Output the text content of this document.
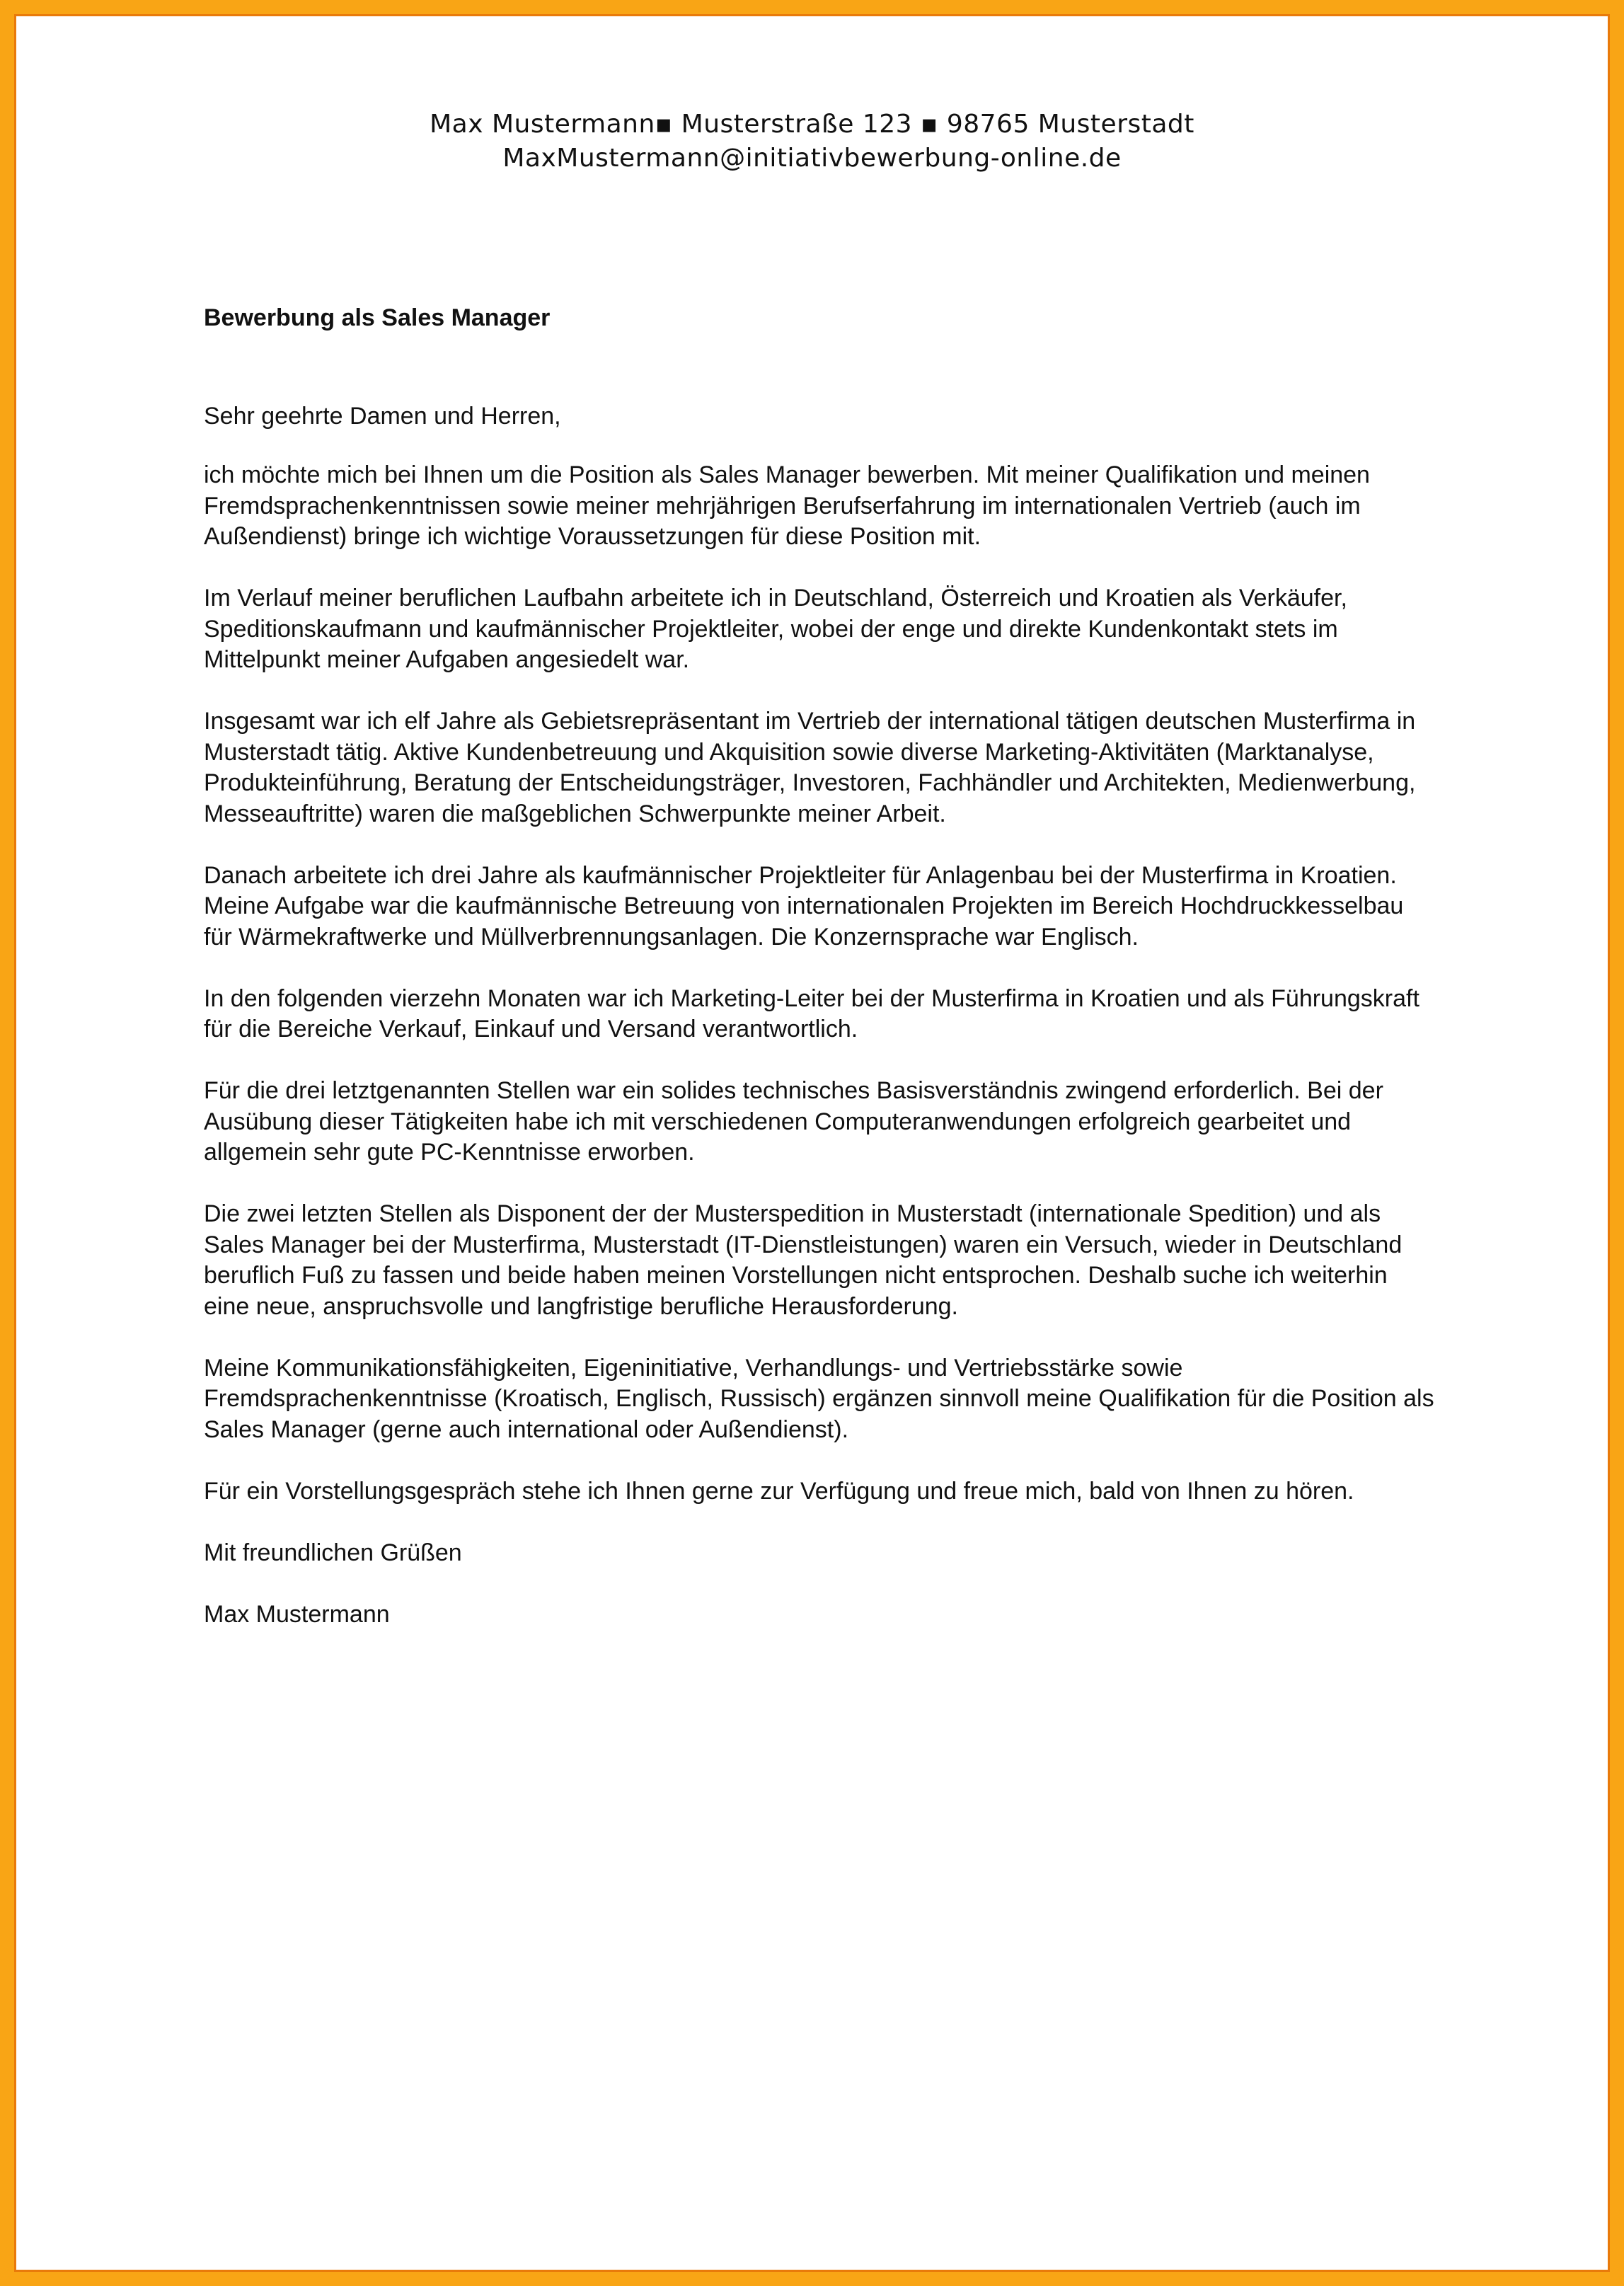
Max Mustermann▪ Musterstraße 123 ▪ 98765 Musterstadt
MaxMustermann@initiativbewerbung-online.de

Bewerbung als Sales Manager

Sehr geehrte Damen und Herren,

ich möchte mich bei Ihnen um die Position als Sales Manager bewerben. Mit meiner Qualifikation und meinen Fremdsprachenkenntnissen sowie meiner mehrjährigen Berufserfahrung im internationalen Vertrieb (auch im Außendienst) bringe ich wichtige Voraussetzungen für diese Position mit.

Im Verlauf meiner beruflichen Laufbahn arbeitete ich in Deutschland, Österreich und Kroatien als Verkäufer, Speditionskaufmann und kaufmännischer Projektleiter, wobei der enge und direkte Kundenkontakt stets im Mittelpunkt meiner Aufgaben angesiedelt war.

Insgesamt war ich elf Jahre als Gebietsrepräsentant im Vertrieb der international tätigen deutschen Musterfirma in Musterstadt tätig. Aktive Kundenbetreuung und Akquisition sowie diverse Marketing-Aktivitäten (Marktanalyse, Produkteinführung, Beratung der Entscheidungsträger, Investoren, Fachhändler und Architekten, Medienwerbung, Messeauftritte) waren die maßgeblichen Schwerpunkte meiner Arbeit.

Danach arbeitete ich drei Jahre als kaufmännischer Projektleiter für Anlagenbau bei der Musterfirma in Kroatien. Meine Aufgabe war die kaufmännische Betreuung von internationalen Projekten im Bereich Hochdruckkesselbau für Wärmekraftwerke und Müllverbrennungsanlagen. Die Konzernsprache war Englisch.

In den folgenden vierzehn Monaten war ich Marketing-Leiter bei der Musterfirma in Kroatien und als Führungskraft für die Bereiche Verkauf, Einkauf und Versand verantwortlich.

Für die drei letztgenannten Stellen war ein solides technisches Basisverständnis zwingend erforderlich. Bei der Ausübung dieser Tätigkeiten habe ich mit verschiedenen Computeranwendungen erfolgreich gearbeitet und allgemein sehr gute PC-Kenntnisse erworben.

Die zwei letzten Stellen als Disponent der der Musterspedition in Musterstadt (internationale Spedition) und als Sales Manager bei der Musterfirma, Musterstadt (IT-Dienstleistungen) waren ein Versuch, wieder in Deutschland beruflich Fuß zu fassen und beide haben meinen Vorstellungen nicht entsprochen. Deshalb suche ich weiterhin eine neue, anspruchsvolle und langfristige berufliche Herausforderung.

Meine Kommunikationsfähigkeiten, Eigeninitiative, Verhandlungs- und Vertriebsstärke sowie Fremdsprachenkenntnisse (Kroatisch, Englisch, Russisch) ergänzen sinnvoll meine Qualifikation für die Position als Sales Manager (gerne auch international oder Außendienst).

Für ein Vorstellungsgespräch stehe ich Ihnen gerne zur Verfügung und freue mich, bald von Ihnen zu hören.

Mit freundlichen Grüßen

Max Mustermann
